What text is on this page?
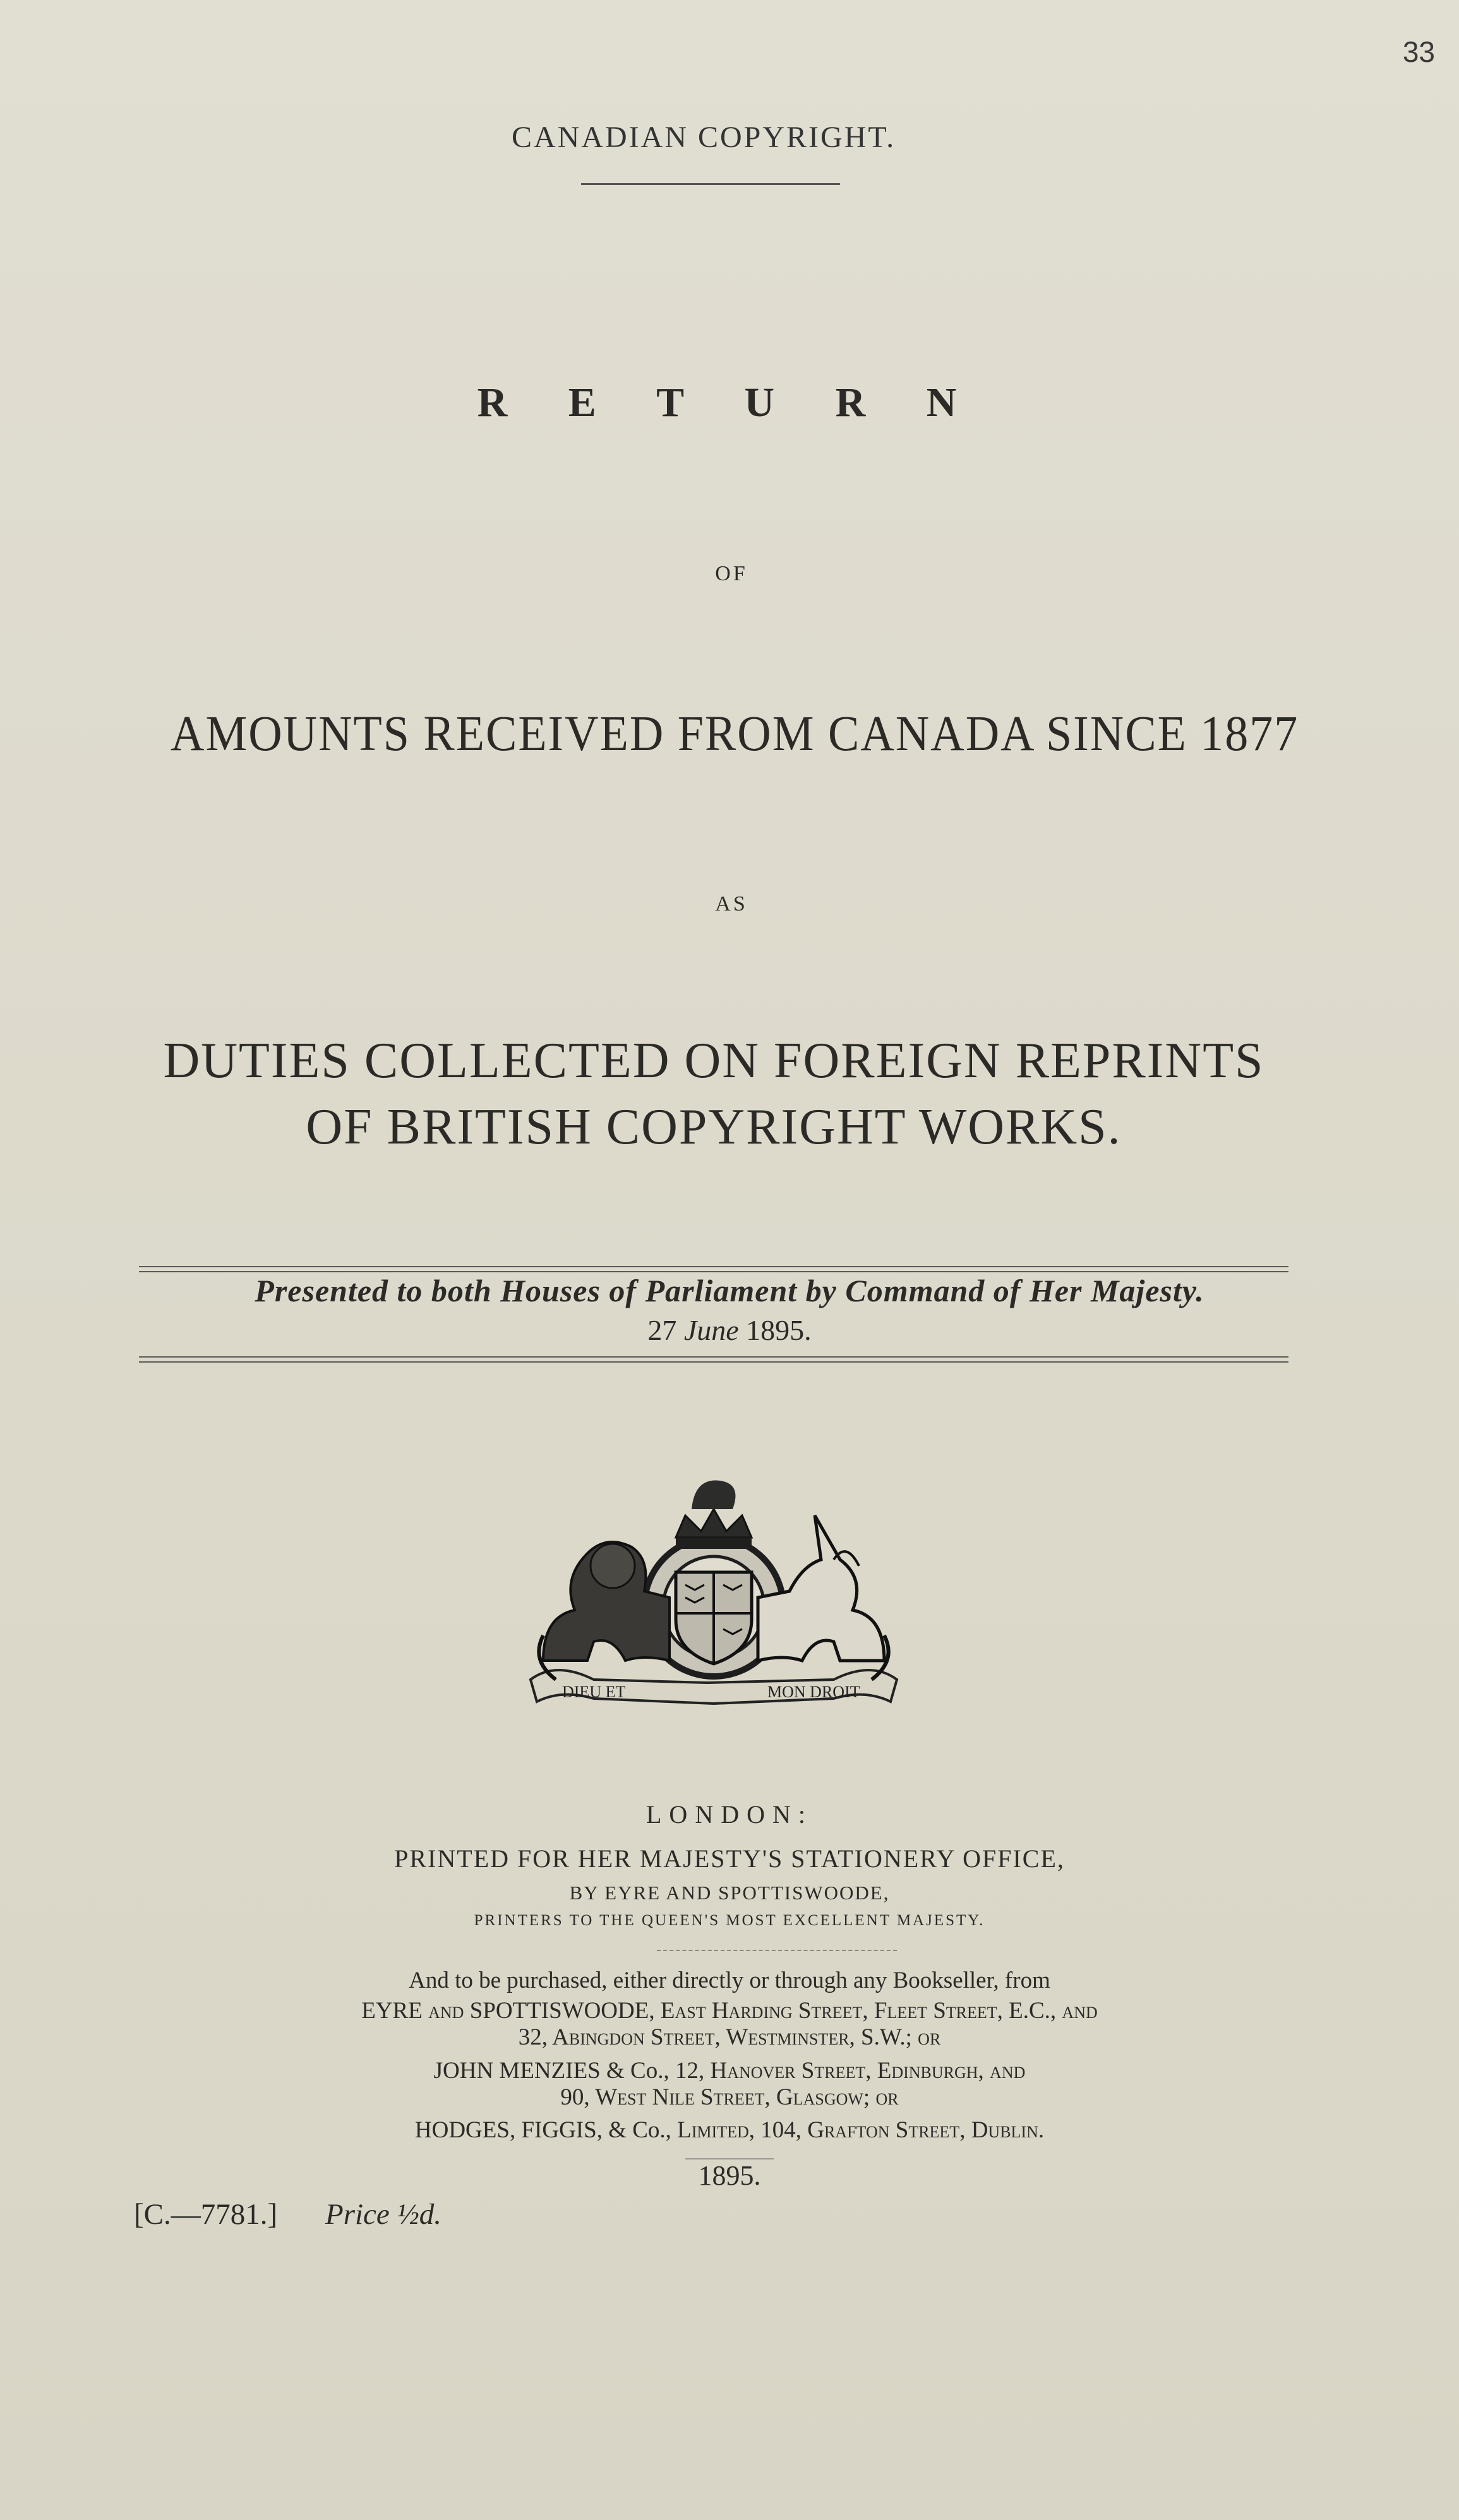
33
CANADIAN COPYRIGHT.
R E T U R N
OF
AMOUNTS RECEIVED FROM CANADA SINCE 1877
AS
DUTIES COLLECTED ON FOREIGN REPRINTS
OF BRITISH COPYRIGHT WORKS.
Presented to both Houses of Parliament by Command of Her Majesty.
27 June 1895.
DIEU ET	MON DROIT
LONDON:
PRINTED FOR HER MAJESTY'S STATIONERY OFFICE,
BY EYRE AND SPOTTISWOODE,
PRINTERS TO THE QUEEN'S MOST EXCELLENT MAJESTY.
And to be purchased, either directly or through any Bookseller, from
EYRE and SPOTTISWOODE, East Harding Street, Fleet Street, E.C., and
32, Abingdon Street, Westminster, S.W.; or
JOHN MENZIES & Co., 12, Hanover Street, Edinburgh, and
90, West Nile Street, Glasgow; or
HODGES, FIGGIS, & Co., Limited, 104, Grafton Street, Dublin.
1895.
[C.—7781.] Price ½d.
